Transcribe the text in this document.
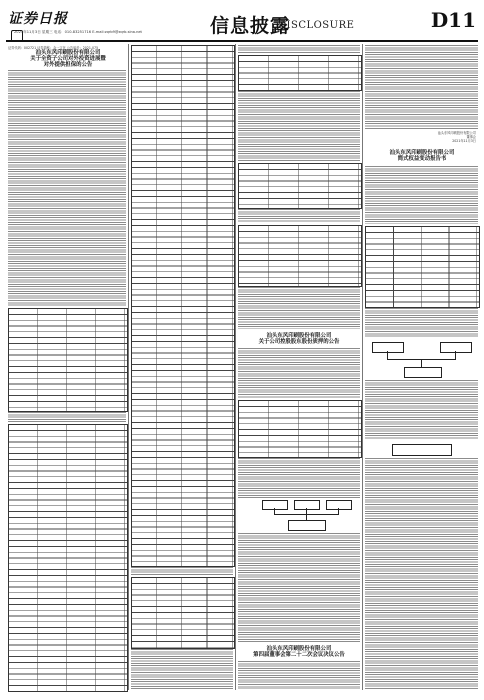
证券日报
2021年11月3日 星期三 电话：010-83251716 E-mail:zqrb9@zqrb.sina.net	信息披露
DISCLOSURE	D11
证券代码：002721 证券简称：金一文化 公告编号：2021-075
汕头东风印刷股份有限公司
关于全资子公司对外投资进展暨
对外提供担保的公告
汕头东风印刷股份有限公司
关于公司控股股东股份质押的公告
汕头东风印刷股份有限公司
第四届董事会第二十二次会议决议公告
汕头东风印刷股份有限公司
董事会
2021年11月3日
汕头东风印刷股份有限公司
简式权益变动报告书
